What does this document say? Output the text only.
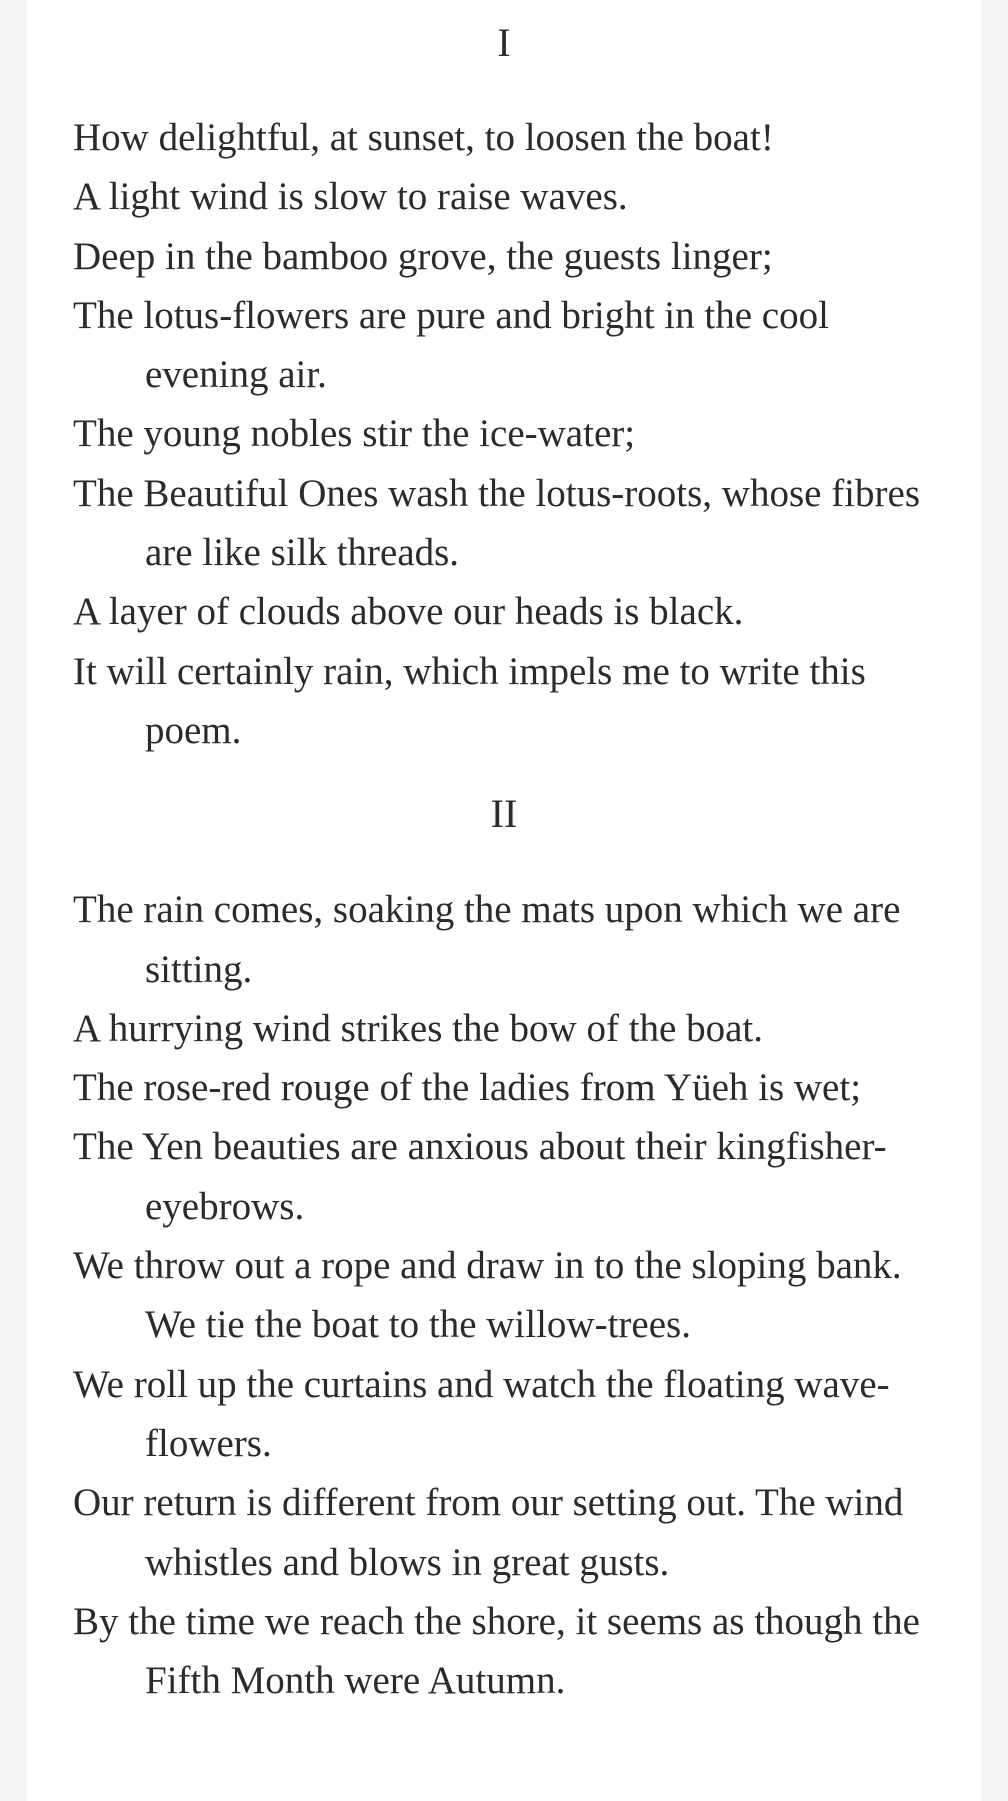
I
How delightful, at sunset, to loosen the boat!
A light wind is slow to raise waves.
Deep in the bamboo grove, the guests linger;
The lotus-flowers are pure and bright in the cool evening air.
The young nobles stir the ice-water;
The Beautiful Ones wash the lotus-roots, whose fibres are like silk threads.
A layer of clouds above our heads is black.
It will certainly rain, which impels me to write this poem.
II
The rain comes, soaking the mats upon which we are sitting.
A hurrying wind strikes the bow of the boat.
The rose-red rouge of the ladies from Yüeh is wet;
The Yen beauties are anxious about their kingfisher-eyebrows.
We throw out a rope and draw in to the sloping bank. We tie the boat to the willow-trees.
We roll up the curtains and watch the floating wave-flowers.
Our return is different from our setting out. The wind whistles and blows in great gusts.
By the time we reach the shore, it seems as though the Fifth Month were Autumn.
